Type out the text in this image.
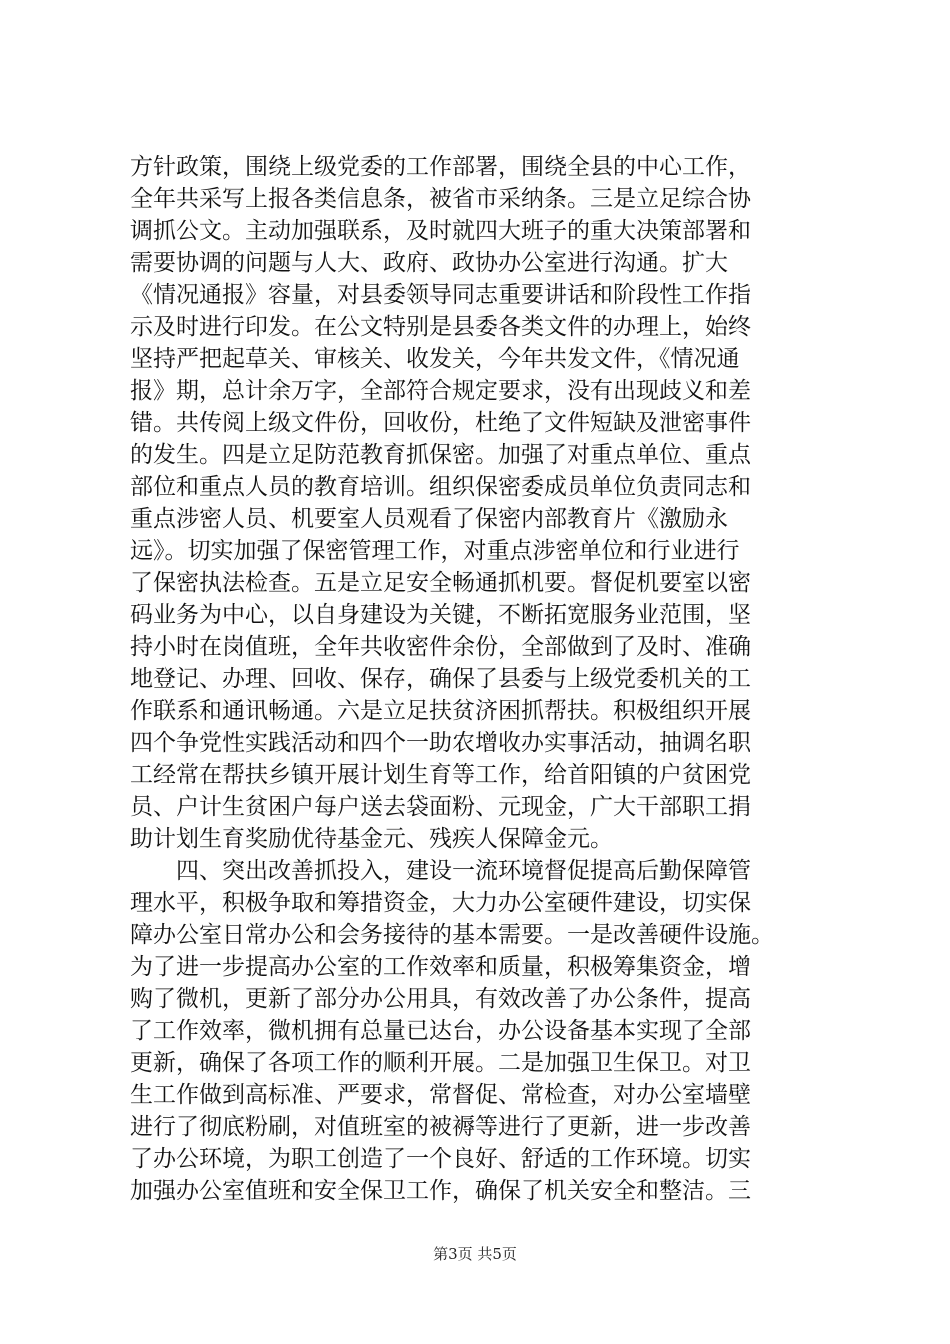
方针政策，围绕上级党委的工作部署，围绕全县的中心工作，
全年共采写上报各类信息条，被省市采纳条。三是立足综合协
调抓公文。主动加强联系，及时就四大班子的重大决策部署和
需要协调的问题与人大、政府、政协办公室进行沟通。扩大
《情况通报》容量，对县委领导同志重要讲话和阶段性工作指
示及时进行印发。在公文特别是县委各类文件的办理上，始终
坚持严把起草关、审核关、收发关，今年共发文件，《情况通
报》期，总计余万字，全部符合规定要求，没有出现歧义和差
错。共传阅上级文件份，回收份，杜绝了文件短缺及泄密事件
的发生。四是立足防范教育抓保密。加强了对重点单位、重点
部位和重点人员的教育培训。组织保密委成员单位负责同志和
重点涉密人员、机要室人员观看了保密内部教育片《激励永
远》。切实加强了保密管理工作，对重点涉密单位和行业进行
了保密执法检查。五是立足安全畅通抓机要。督促机要室以密
码业务为中心，以自身建设为关键，不断拓宽服务业范围，坚
持小时在岗值班，全年共收密件余份，全部做到了及时、准确
地登记、办理、回收、保存，确保了县委与上级党委机关的工
作联系和通讯畅通。六是立足扶贫济困抓帮扶。积极组织开展
四个争党性实践活动和四个一助农增收办实事活动，抽调名职
工经常在帮扶乡镇开展计划生育等工作，给首阳镇的户贫困党
员、户计生贫困户每户送去袋面粉、元现金，广大干部职工捐
助计划生育奖励优待基金元、残疾人保障金元。
　　四、突出改善抓投入，建设一流环境督促提高后勤保障管
理水平，积极争取和筹措资金，大力办公室硬件建设，切实保
障办公室日常办公和会务接待的基本需要。一是改善硬件设施。
为了进一步提高办公室的工作效率和质量，积极筹集资金，增
购了微机，更新了部分办公用具，有效改善了办公条件，提高
了工作效率，微机拥有总量已达台，办公设备基本实现了全部
更新，确保了各项工作的顺利开展。二是加强卫生保卫。对卫
生工作做到高标准、严要求，常督促、常检查，对办公室墙壁
进行了彻底粉刷，对值班室的被褥等进行了更新，进一步改善
了办公环境，为职工创造了一个良好、舒适的工作环境。切实
加强办公室值班和安全保卫工作，确保了机关安全和整洁。三
第3页 共5页
